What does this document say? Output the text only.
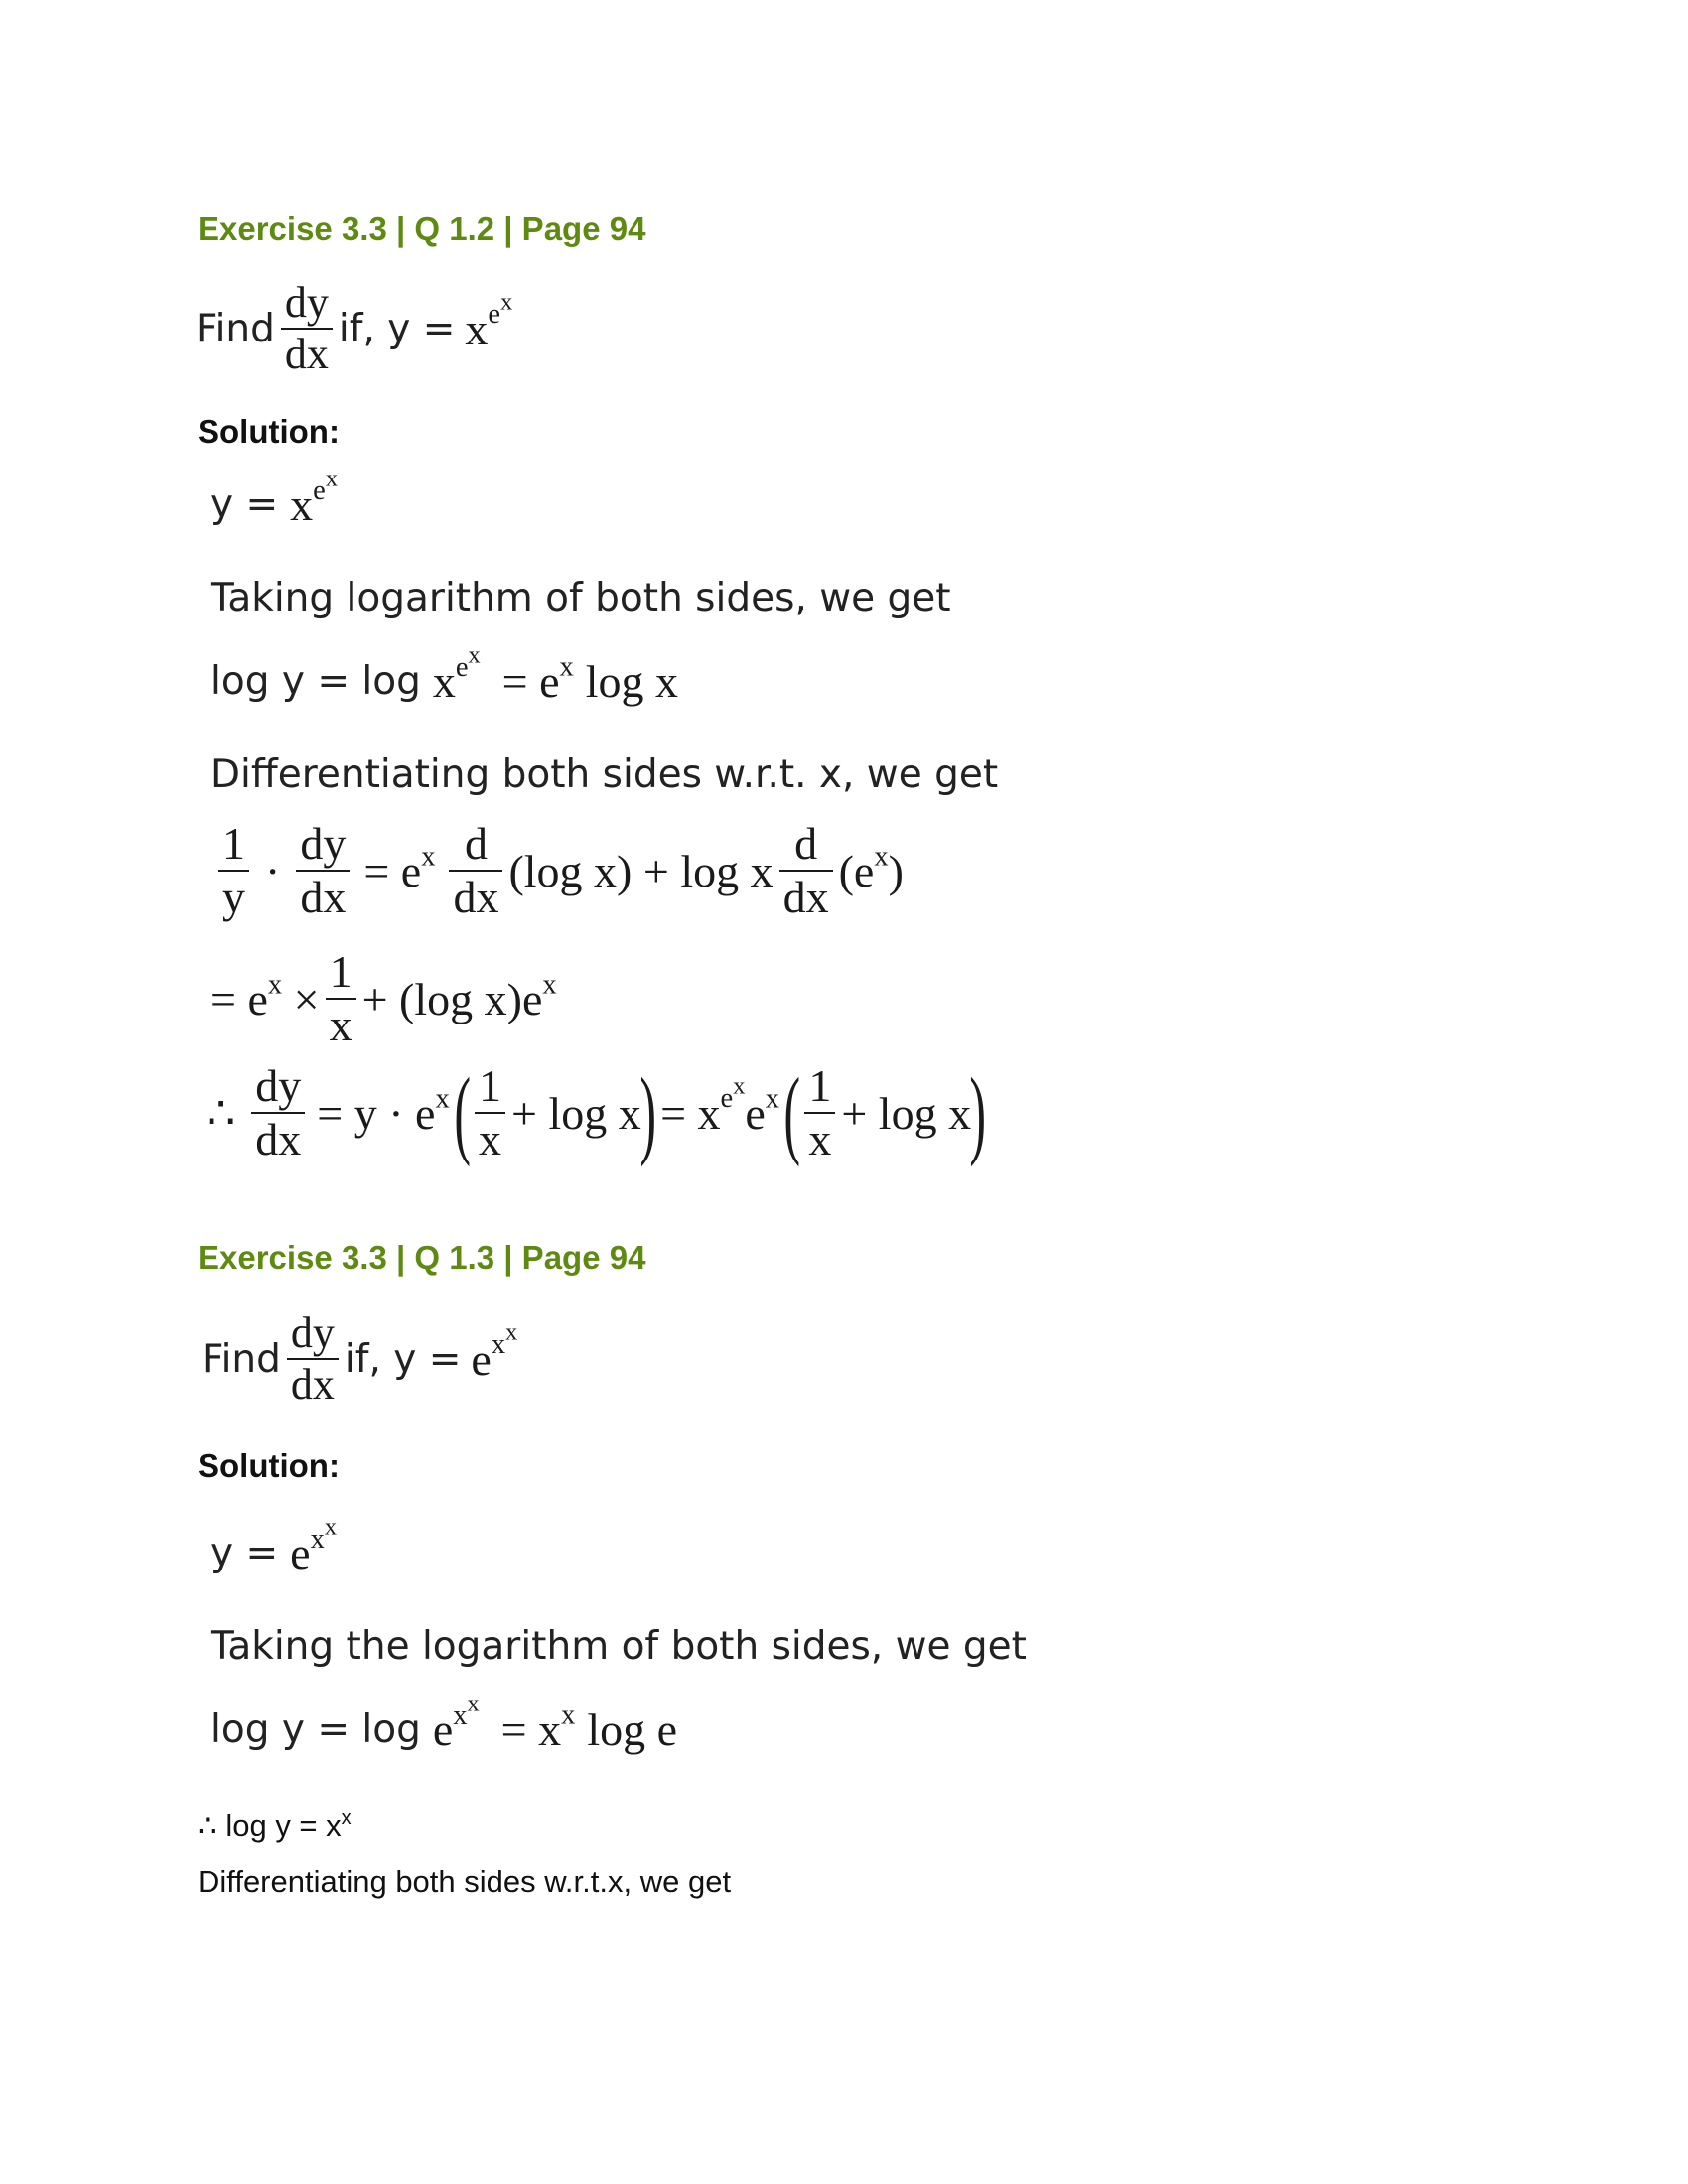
Exercise 3.3 | Q 1.2 | Page 94
Find $\frac{dy}{dx}$ if, $y = x^{e^x}$
Solution:
$y = x^{e^x}$
Taking logarithm of both sides, we get
$\log y = \log x^{e^x}$
= $e^x$ log x
Differentiating both sides w.r.t. x, we get
$\frac{1}{y} \cdot \frac{dy}{dx} = e^x \frac{d}{dx} (\log$ x) + log x $\frac{d}{dx} (e^x)$
= $e^x \times \frac{1}{x} + (\log$ $x)e^x$
∴ $\frac{dy}{dx} = y \cdot e^x$ ( $\frac{1}{x} + \log x$
) = $x^{e^x}e^x$ ( $\frac{1}{x} + \log x$
)
Exercise 3.3 | Q 1.3 | Page 94
Find $\frac{dy}{dx}$ if, $y = e^{x^x}$
Solution:
$y = e^{x^x}$
Taking the logarithm of both sides, we get
$\log y = \log e^{x^x}$
= $x^x$ log e
∴ $\log y = x^x$
Differentiating both sides w.r.t.x, we get
